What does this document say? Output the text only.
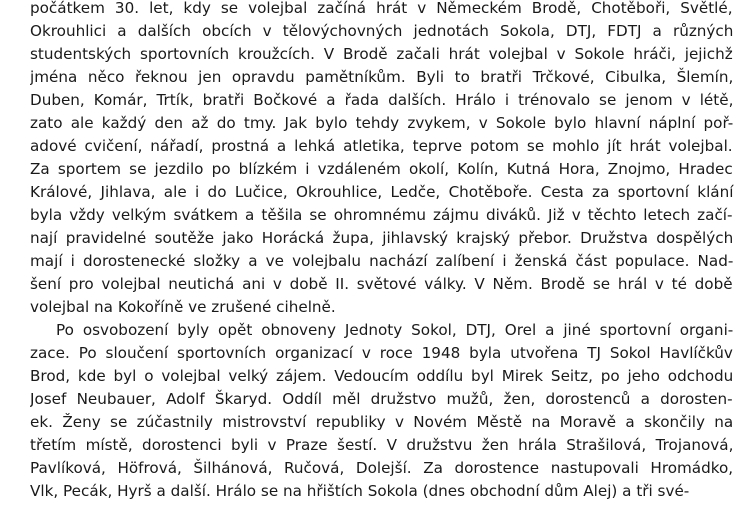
počátkem 30. let, kdy se volejbal začíná hrát v Německém Brodě, Chotěboři, Světlé,
Okrouhlici a dalších obcích v tělovýchovných jednotách Sokola, DTJ, FDTJ a různých
studentských sportovních kroužcích. V Brodě začali hrát volejbal v Sokole hráči, jejichž
jména něco řeknou jen opravdu pamětníkům. Byli to bratři Trčkové, Cibulka, Šlemín,
Duben, Komár, Trtík, bratři Bočkové a řada dalších. Hrálo i trénovalo se jenom v létě,
zato ale každý den až do tmy. Jak bylo tehdy zvykem, v Sokole bylo hlavní náplní poř-
adové cvičení, nářadí, prostná a lehká atletika, teprve potom se mohlo jít hrát volejbal.
Za sportem se jezdilo po blízkém i vzdáleném okolí, Kolín, Kutná Hora, Znojmo, Hradec
Králové, Jihlava, ale i do Lučice, Okrouhlice, Ledče, Chotěboře. Cesta za sportovní klání
byla vždy velkým svátkem a těšila se ohromnému zájmu diváků. Již v těchto letech začí-
nají pravidelné soutěže jako Horácká župa, jihlavský krajský přebor. Družstva dospělých
mají i dorostenecké složky a ve volejbalu nachází zalíbení i ženská část populace. Nad-
šení pro volejbal neutichá ani v době II. světové války. V Něm. Brodě se hrál v té době
volejbal na Kokoříně ve zrušené cihelně.
Po osvobození byly opět obnoveny Jednoty Sokol, DTJ, Orel a jiné sportovní organi-
zace. Po sloučení sportovních organizací v roce 1948 byla utvořena TJ Sokol Havlíčkův
Brod, kde byl o volejbal velký zájem. Vedoucím oddílu byl Mirek Seitz, po jeho odchodu
Josef Neubauer, Adolf Škaryd. Oddíl měl družstvo mužů, žen, dorostenců a dorosten-
ek. Ženy se zúčastnily mistrovství republiky v Novém Městě na Moravě a skončily na
třetím místě, dorostenci byli v Praze šestí. V družstvu žen hrála Strašilová, Trojanová,
Pavlíková, Höfrová, Šilhánová, Ručová, Dolejší. Za dorostence nastupovali Hromádko,
Vlk, Pecák, Hyrš a další. Hrálo se na hřištích Sokola (dnes obchodní dům Alej) a tři své-
